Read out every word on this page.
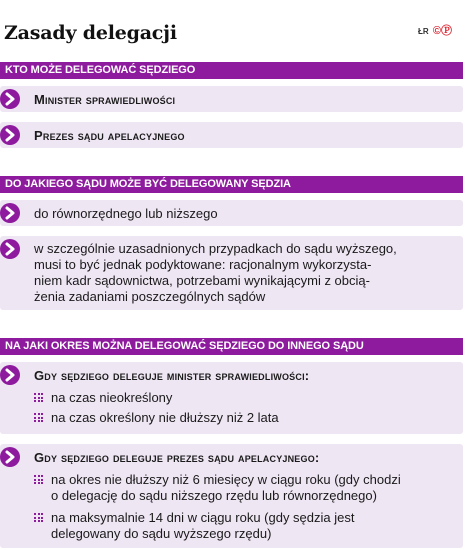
Zasady delegacji	ŁR ©Ⓟ
KTO MOŻE DELEGOWAĆ SĘDZIEGO
Minister sprawiedliwości
Prezes sądu apelacyjnego
DO JAKIEGO SĄDU MOŻE BYĆ DELEGOWANY SĘDZIA
do równorzędnego lub niższego
w szczególnie uzasadnionych przypadkach do sądu wyższego,
musi to być jednak podyktowane: racjonalnym wykorzysta-
niem kadr sądownictwa, potrzebami wynikającymi z obcią-
żenia zadaniami poszczególnych sądów
NA JAKI OKRES MOŻNA DELEGOWAĆ SĘDZIEGO DO INNEGO SĄDU
Gdy sędziego deleguje minister sprawiedliwości:
na czas nieokreślony
na czas określony nie dłuższy niż 2 lata
Gdy sędziego deleguje prezes sądu apelacyjnego:
na okres nie dłuższy niż 6 miesięcy w ciągu roku (gdy chodzi
o delegację do sądu niższego rzędu lub równorzędnego)
na maksymalnie 14 dni w ciągu roku (gdy sędzia jest
delegowany do sądu wyższego rzędu)
